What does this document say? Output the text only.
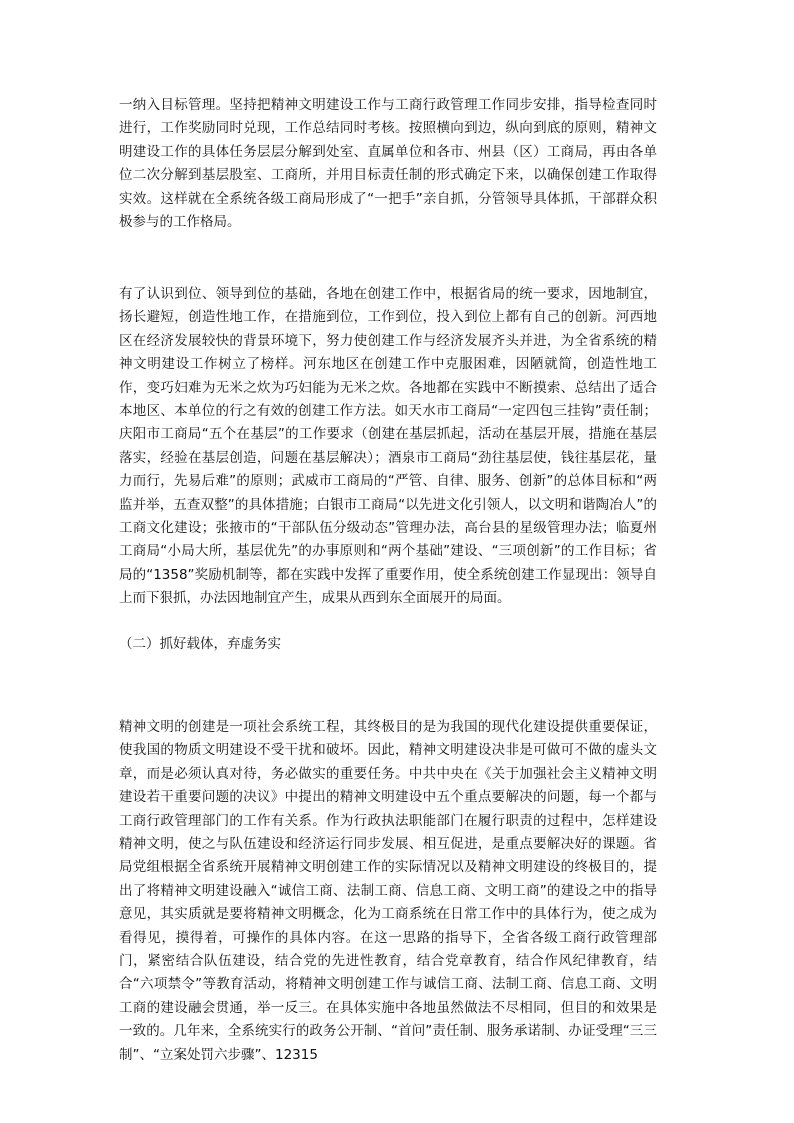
一纳入目标管理。坚持把精神文明建设工作与工商行政管理工作同步安排，指导检查同时进行，工作奖励同时兑现，工作总结同时考核。按照横向到边，纵向到底的原则，精神文明建设工作的具体任务层层分解到处室、直属单位和各市、州县（区）工商局，再由各单位二次分解到基层股室、工商所，并用目标责任制的形式确定下来，以确保创建工作取得实效。这样就在全系统各级工商局形成了“一把手”亲自抓，分管领导具体抓，干部群众积极参与的工作格局。

有了认识到位、领导到位的基础，各地在创建工作中，根据省局的统一要求，因地制宜，扬长避短，创造性地工作，在措施到位，工作到位，投入到位上都有自己的创新。河西地区在经济发展较快的背景环境下，努力使创建工作与经济发展齐头并进，为全省系统的精神文明建设工作树立了榜样。河东地区在创建工作中克服困难，因陋就简，创造性地工作，变巧妇难为无米之炊为巧妇能为无米之炊。各地都在实践中不断摸索、总结出了适合本地区、本单位的行之有效的创建工作方法。如天水市工商局“一定四包三挂钩”责任制；庆阳市工商局“五个在基层”的工作要求（创建在基层抓起，活动在基层开展，措施在基层落实，经验在基层创造，问题在基层解决）；酒泉市工商局“劲往基层使，钱往基层花，量力而行，先易后难”的原则；武威市工商局的“严管、自律、服务、创新”的总体目标和“两监并举，五查双整”的具体措施；白银市工商局“以先进文化引领人，以文明和谐陶冶人”的工商文化建设；张掖市的“干部队伍分级动态”管理办法，高台县的星级管理办法；临夏州工商局“小局大所，基层优先”的办事原则和“两个基础”建设、“三项创新”的工作目标；省局的“1358”奖励机制等，都在实践中发挥了重要作用，使全系统创建工作显现出：领导自上而下狠抓，办法因地制宜产生，成果从西到东全面展开的局面。

（二）抓好载体，弃虚务实

精神文明的创建是一项社会系统工程，其终极目的是为我国的现代化建设提供重要保证，使我国的物质文明建设不受干扰和破坏。因此，精神文明建设决非是可做可不做的虚头文章，而是必须认真对待，务必做实的重要任务。中共中央在《关于加强社会主义精神文明建设若干重要问题的决议》中提出的精神文明建设中五个重点要解决的问题，每一个都与工商行政管理部门的工作有关系。作为行政执法职能部门在履行职责的过程中，怎样建设精神文明，使之与队伍建设和经济运行同步发展、相互促进，是重点要解决好的课题。省局党组根据全省系统开展精神文明创建工作的实际情况以及精神文明建设的终极目的，提出了将精神文明建设融入“诚信工商、法制工商、信息工商、文明工商”的建设之中的指导意见，其实质就是要将精神文明概念，化为工商系统在日常工作中的具体行为，使之成为看得见，摸得着，可操作的具体内容。在这一思路的指导下，全省各级工商行政管理部门，紧密结合队伍建设，结合党的先进性教育，结合党章教育，结合作风纪律教育，结合“六项禁令”等教育活动，将精神文明创建工作与诚信工商、法制工商、信息工商、文明工商的建设融会贯通，举一反三。在具体实施中各地虽然做法不尽相同，但目的和效果是一致的。几年来，全系统实行的政务公开制、“首问”责任制、服务承诺制、办证受理“三三制”、“立案处罚六步骤”、12315
